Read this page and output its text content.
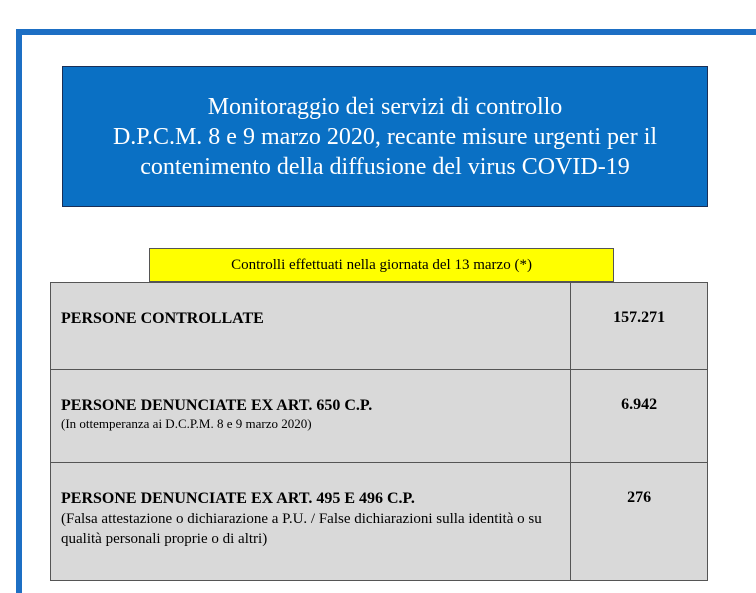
Monitoraggio dei servizi di controllo
D.P.C.M. 8 e 9 marzo 2020, recante misure urgenti per il
contenimento della diffusione del virus COVID-19
Controlli effettuati nella giornata del 13 marzo (*)
PERSONE CONTROLLATE	157.271

PERSONE DENUNCIATE EX ART. 650 C.P.
(In ottemperanza ai D.C.P.M. 8 e 9 marzo 2020)	6.942

PERSONE DENUNCIATE EX ART. 495 E 496 C.P.
(Falsa attestazione o dichiarazione a P.U. / False dichiarazioni sulla identità o su qualità personali proprie o di altri)	276
